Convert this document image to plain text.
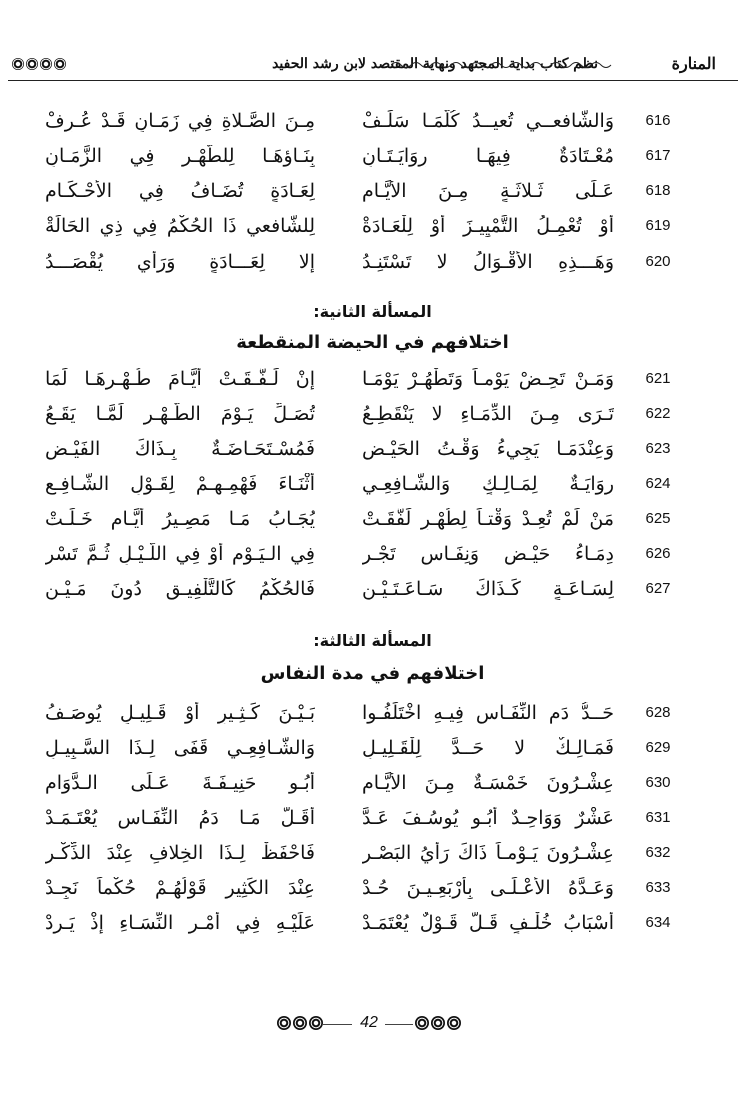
نظم كتاب بداية المجتهد ونهاية المقتصد لابن رشد الحفيد	المنارة
616
وَالشَّافعــي تُعيــدُ كُلَّمَـا سَلَـفْ
مِـنَ الصَّـلاةِ فِي زَمَـانٍ قَـدْ عُـرِفْ
617
مُعْـتَادَةٌ فِيهَـا رِوَايَـتَـانِ
بِنَـاؤهَـا لِلطُّهْـرِ فِي الزَّمَـانِ
618
عَـلَى ثَـلاثَـةٍ مِـنَ الأَيَّـامِ
لِعَـادَةٍ تُضَـافُ فِي الأَحْـكَـامِ
619
أَوْ تُعْمِـلُ التَّمْيِيـزَ أَوْ لِلْعَـادَةْ
لِلشَّافعي ذَا الحُكْمُ فِي ذِي الحَالَةْ
620
وَهَـــذِهِ الأَقْـوَالُ لا تَسْتَنِـدُ
إِلا لِعَـــادَةٍ وَرَأْيٍ يُقْصَـــدُ
المسألة الثانية:
اختلافهم في الحيضة المنقطعة
621
وَمَـنْ تَحِـضْ يَوْمـاً وَتَطْهُـرْ يَوْمَـا
إِنْ لَـفَّـقَـتْ أَيَّـامَ طُـهْـرِهَـا لَمَا
622
تَـرَى مِـنَ الدِّمَـاءِ لا يَنْقَطِـعُ
تُصَـلِّ يَـوْمَ الطُّـهْـرِ لَمَّـا يَقَـعُ
623
وَعِنْدَمَـا يَجِيءُ وَقْـتُ الحَيْـضِ
فَمُسْـتَحَـاضَـةٌ بِـذَاكَ الفَيْـضِ
624
رِوَايَـةٌ لِمَـالِـكٍ وَالشَّـافِعِـي
أَثْنَـاءَ فَهْمِـهِـمْ لِقَـوْلِ الشَّـافِـعِ
625
مَنْ لَمْ تُعِـدْ وَقْتـاً لِطُهْـرٍ لَفَّقَـتْ
يُجَـابُ مَـا مَصِـيرُ أَيَّـامٍ خَـلَـتْ
626
دِمَـاءُ حَيْـضٍ وَنِفَـاسٍ تَجْـرِ
فِي الـيَـوْمِ أَوْ فِي اللَّـيْـلِ ثُـمَّ تَسْرِ
627
لِسَـاعَـةٍ كَـذَاكَ سَـاعَـتَـيْـنِ
فَالحُكْمُ كَالتَّلْفِيـقِ دُونَ مَـيْـنِ
المسألة الثالثة:
اختلافهم في مدة النفاس
628
حَــدُّ دَمِ النِّفَـاسِ فِيـهِ اخْتَلَفُـوا
بَـيْـنَ كَـثِـيرٍ أَوْ قَـلِيـلٍ يُوصَـفُ
629
فَمَـالِـكٌ لا حَــدَّ لِلْقَـلِيـلِ
وَالشَّـافِعِـي قَفَى لِـذَا السَّـبِيـلِ
630
عِشْـرُونَ خَمْسَـةٌ مِـنَ الأَيَّـامِ
أَبُـو حَنِيـفَـةَ عَـلَى الـدَّوَامِ
631
عَشْرٌ وَوَاحِـدٌ أَبُـو يُوسُـفَ عَـدَّ
أَقَـلَّ مَـا دَمُ النِّفَـاسِ يُعْتَـمَـدْ
632
عِشْـرُونَ يَـوْمـاً ذَاكَ رَأْيُ البَصْـرِ
فَاحْفَظْ لِـذَا الخِلافِ عِنْدَ الذِّكْـرِ
633
وَعَـدَّهُ الأَعْـلَـى بِأَرْبَعِـيـنَ حُـدْ
عِنْدَ الكَثِيرِ قَوْلُهُـمْ حُكْماً نَجِـدْ
634
أَسْبَابُ خُلْـفٍ قَـلَّ قَـوْلٌ يُعْتَمَـدْ
عَلَيْـهِ فِي أَمْـرِ النِّسَـاءِ إِذْ يَـرِدْ
42
